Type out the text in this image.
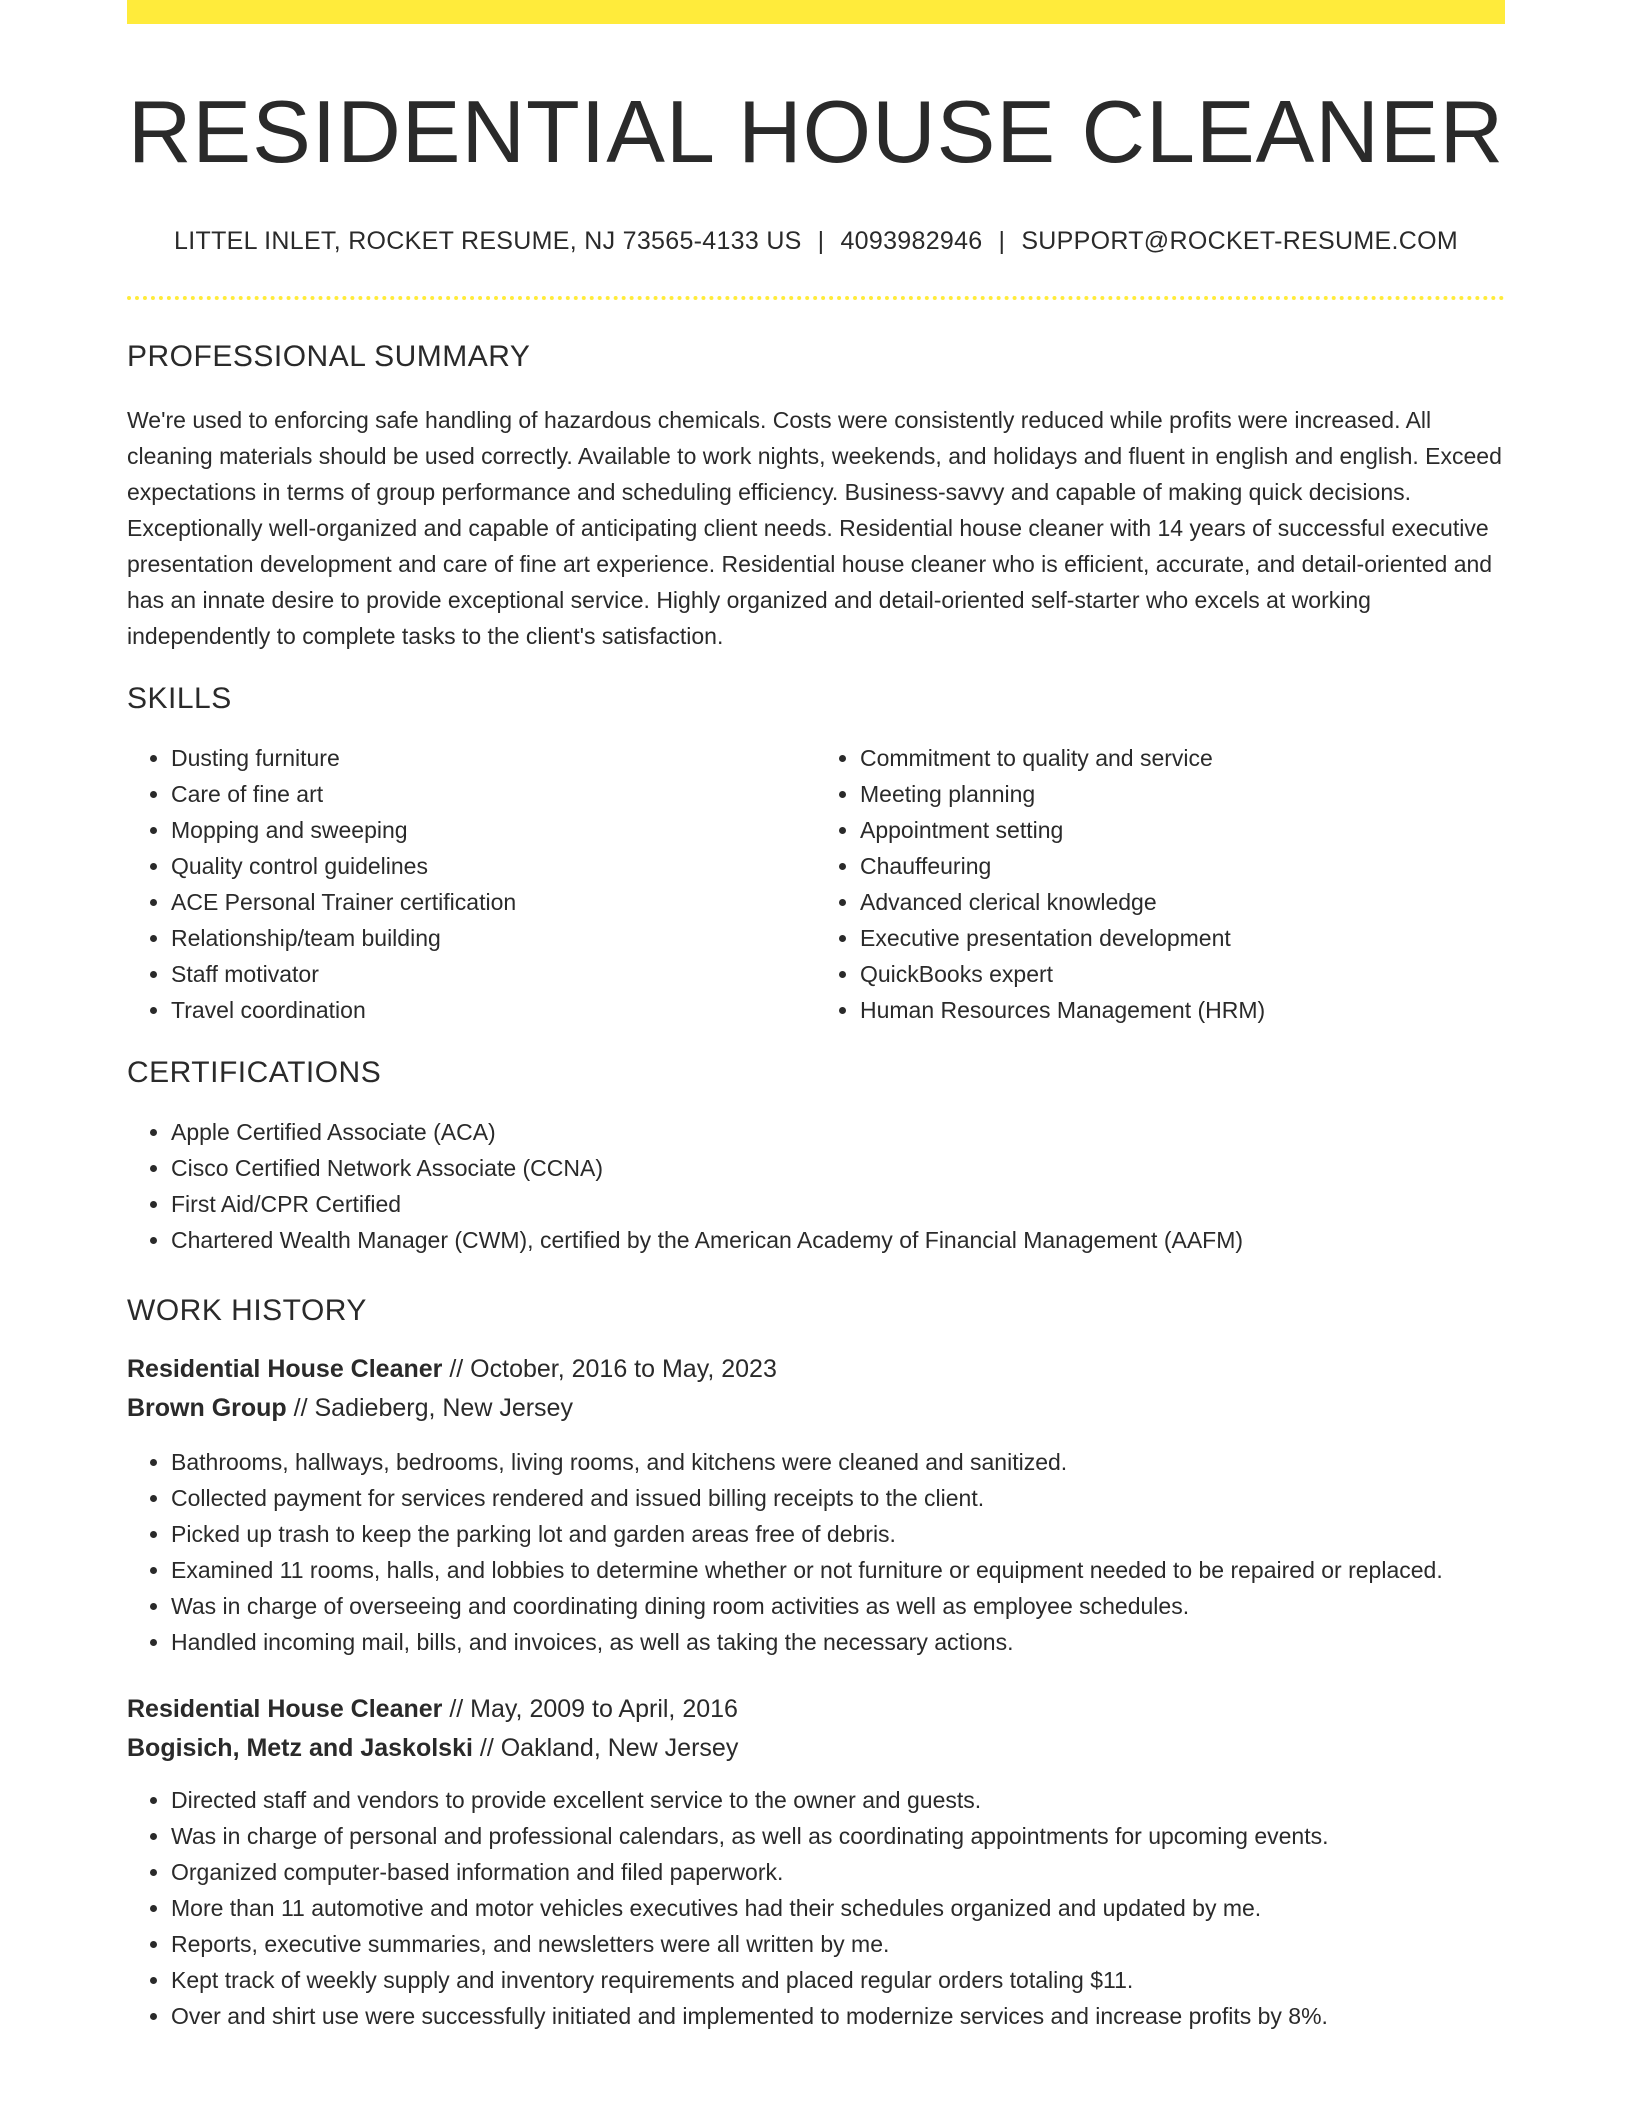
RESIDENTIAL HOUSE CLEANER
LITTEL INLET, ROCKET RESUME, NJ 73565-4133 US | 4093982946 | SUPPORT@ROCKET-RESUME.COM
PROFESSIONAL SUMMARY

We're used to enforcing safe handling of hazardous chemicals. Costs were consistently reduced while profits were increased. All cleaning materials should be used correctly. Available to work nights, weekends, and holidays and fluent in english and english. Exceed expectations in terms of group performance and scheduling efficiency. Business-savvy and capable of making quick decisions. Exceptionally well-organized and capable of anticipating client needs. Residential house cleaner with 14 years of successful executive presentation development and care of fine art experience. Residential house cleaner who is efficient, accurate, and detail-oriented and has an innate desire to provide exceptional service. Highly organized and detail-oriented self-starter who excels at working independently to complete tasks to the client's satisfaction.

SKILLS
• Dusting furniture
• Care of fine art
• Mopping and sweeping
• Quality control guidelines
• ACE Personal Trainer certification
• Relationship/team building
• Staff motivator
• Travel coordination
• Commitment to quality and service
• Meeting planning
• Appointment setting
• Chauffeuring
• Advanced clerical knowledge
• Executive presentation development
• QuickBooks expert
• Human Resources Management (HRM)
CERTIFICATIONS
• Apple Certified Associate (ACA)
• Cisco Certified Network Associate (CCNA)
• First Aid/CPR Certified
• Chartered Wealth Manager (CWM), certified by the American Academy of Financial Management (AAFM)
WORK HISTORY
Residential House Cleaner // October, 2016 to May, 2023
Brown Group // Sadieberg, New Jersey
• Bathrooms, hallways, bedrooms, living rooms, and kitchens were cleaned and sanitized.
• Collected payment for services rendered and issued billing receipts to the client.
• Picked up trash to keep the parking lot and garden areas free of debris.
• Examined 11 rooms, halls, and lobbies to determine whether or not furniture or equipment needed to be repaired or replaced.
• Was in charge of overseeing and coordinating dining room activities as well as employee schedules.
• Handled incoming mail, bills, and invoices, as well as taking the necessary actions.
Residential House Cleaner // May, 2009 to April, 2016
Bogisich, Metz and Jaskolski // Oakland, New Jersey
• Directed staff and vendors to provide excellent service to the owner and guests.
• Was in charge of personal and professional calendars, as well as coordinating appointments for upcoming events.
• Organized computer-based information and filed paperwork.
• More than 11 automotive and motor vehicles executives had their schedules organized and updated by me.
• Reports, executive summaries, and newsletters were all written by me.
• Kept track of weekly supply and inventory requirements and placed regular orders totaling $11.
• Over and shirt use were successfully initiated and implemented to modernize services and increase profits by 8%.
